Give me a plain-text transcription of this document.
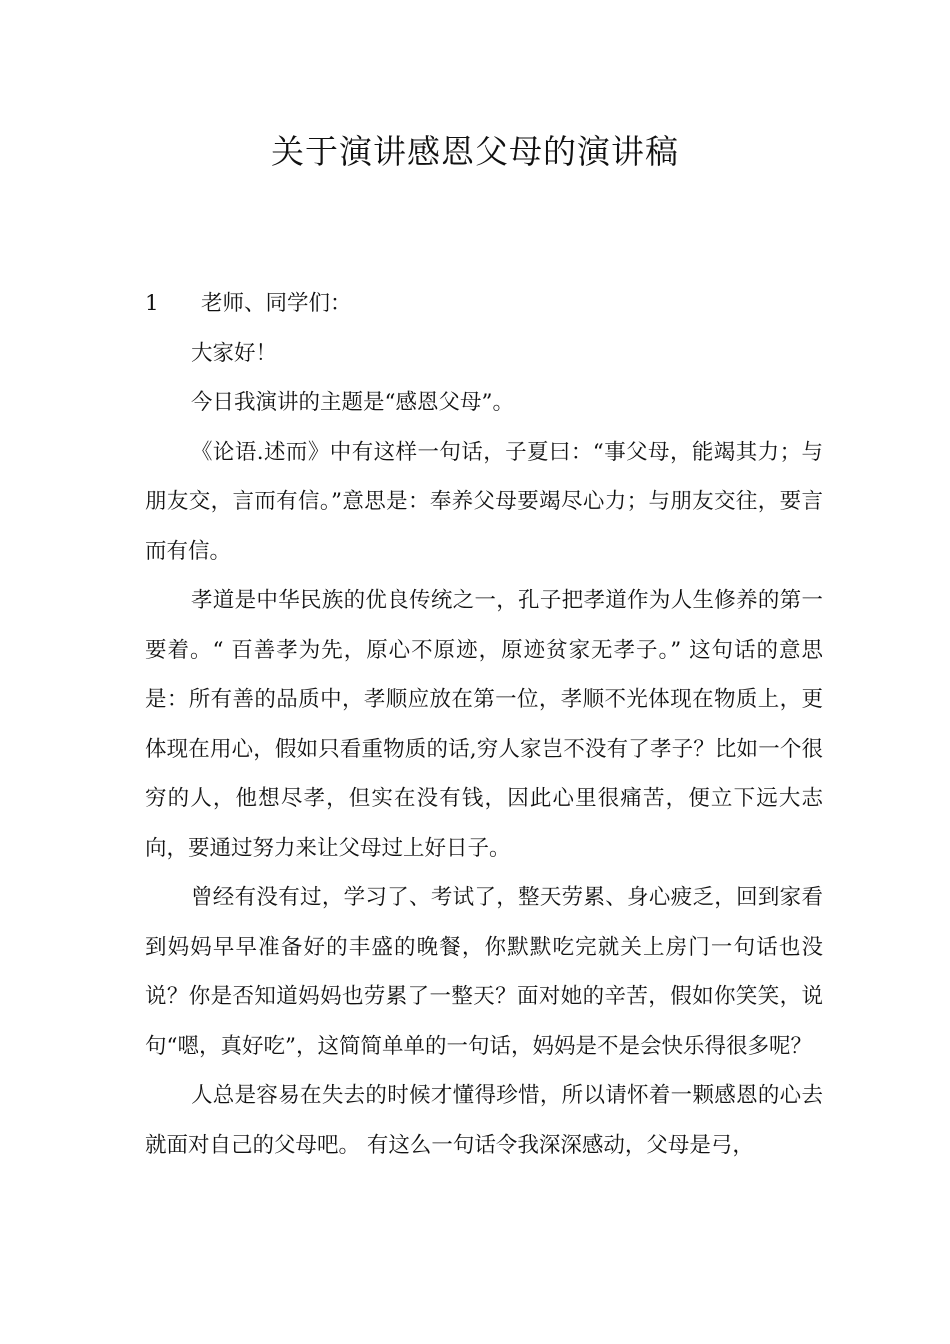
关于演讲感恩父母的演讲稿
1	老师、同学们：

大家好！

今日我演讲的主题是“感恩父母”。

《论语.述而》中有这样一句话，子夏曰：“事父母，能竭其力；与朋友交，言而有信。”意思是：奉养父母要竭尽心力；与朋友交往，要言而有信。

孝道是中华民族的优良传统之一，孔子把孝道作为人生修养的第一要着。“ 百善孝为先，原心不原迹，原迹贫家无孝子。” 这句话的意思是：所有善的品质中，孝顺应放在第一位，孝顺不光体现在物质上，更体现在用心，假如只看重物质的话,穷人家岂不没有了孝子？比如一个很穷的人，他想尽孝，但实在没有钱，因此心里很痛苦，便立下远大志向，要通过努力来让父母过上好日子。

曾经有没有过，学习了、考试了，整天劳累、身心疲乏，回到家看到妈妈早早准备好的丰盛的晚餐，你默默吃完就关上房门一句话也没说？你是否知道妈妈也劳累了一整天？面对她的辛苦，假如你笑笑，说句“嗯，真好吃”，这简简单单的一句话，妈妈是不是会快乐得很多呢？

人总是容易在失去的时候才懂得珍惜，所以请怀着一颗感恩的心去就面对自己的父母吧。 有这么一句话令我深深感动，父母是弓，
